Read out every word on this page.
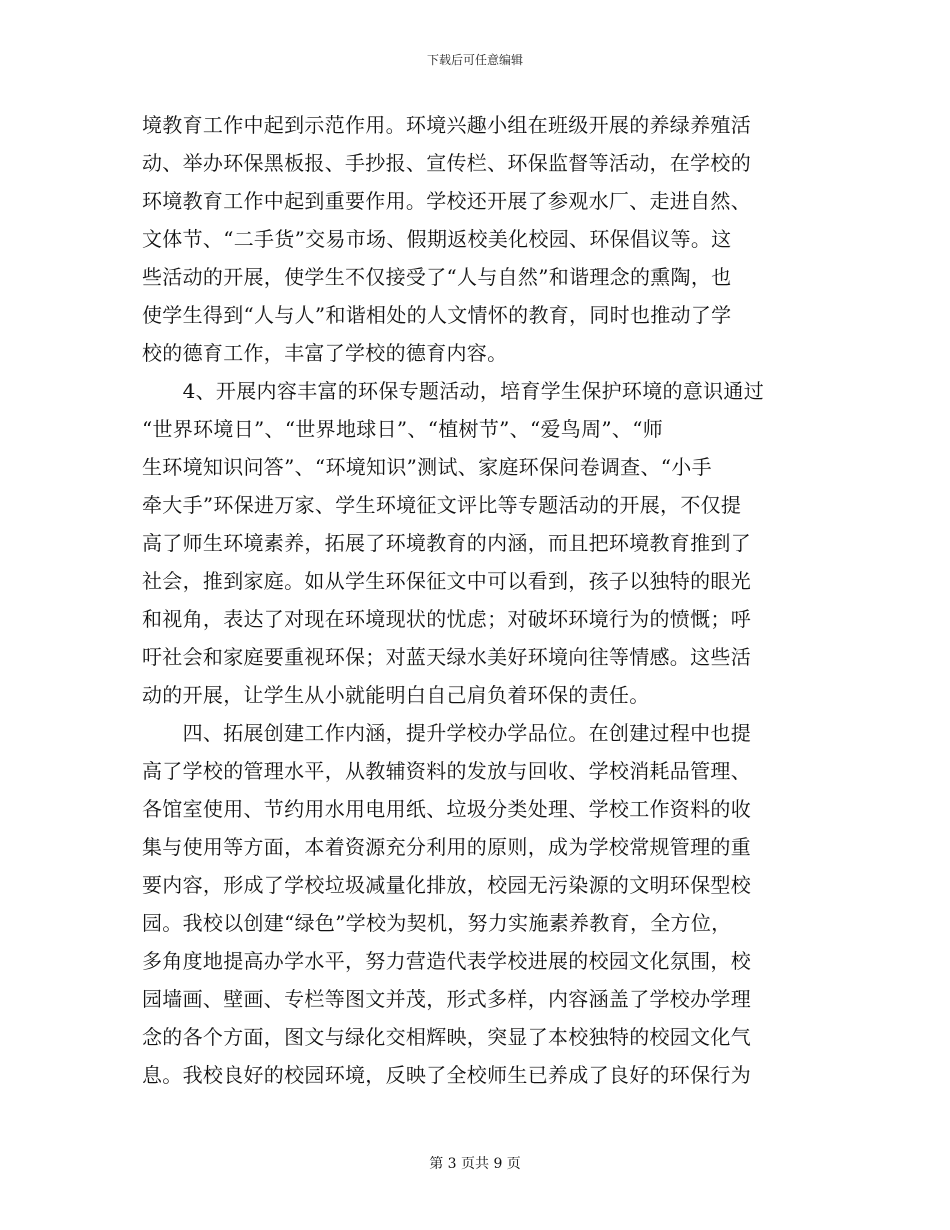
下载后可任意编辑
境教育工作中起到示范作用。环境兴趣小组在班级开展的养绿养殖活
动、举办环保黑板报、手抄报、宣传栏、环保监督等活动，在学校的
环境教育工作中起到重要作用。学校还开展了参观水厂、走进自然、
文体节、“二手货”交易市场、假期返校美化校园、环保倡议等。这
些活动的开展，使学生不仅接受了“人与自然”和谐理念的熏陶，也
使学生得到“人与人”和谐相处的人文情怀的教育，同时也推动了学
校的德育工作，丰富了学校的德育内容。
　　4、开展内容丰富的环保专题活动，培育学生保护环境的意识通过
“世界环境日”、“世界地球日”、“植树节”、“爱鸟周”、“师
生环境知识问答”、“环境知识”测试、家庭环保问卷调查、“小手
牵大手”环保进万家、学生环境征文评比等专题活动的开展，不仅提
高了师生环境素养，拓展了环境教育的内涵，而且把环境教育推到了
社会，推到家庭。如从学生环保征文中可以看到，孩子以独特的眼光
和视角，表达了对现在环境现状的忧虑；对破坏环境行为的愤慨；呼
吁社会和家庭要重视环保；对蓝天绿水美好环境向往等情感。这些活
动的开展，让学生从小就能明白自己肩负着环保的责任。
　　四、拓展创建工作内涵，提升学校办学品位。在创建过程中也提
高了学校的管理水平，从教辅资料的发放与回收、学校消耗品管理、
各馆室使用、节约用水用电用纸、垃圾分类处理、学校工作资料的收
集与使用等方面，本着资源充分利用的原则，成为学校常规管理的重
要内容，形成了学校垃圾减量化排放，校园无污染源的文明环保型校
园。我校以创建“绿色”学校为契机，努力实施素养教育，全方位，
多角度地提高办学水平，努力营造代表学校进展的校园文化氛围，校
园墙画、壁画、专栏等图文并茂，形式多样，内容涵盖了学校办学理
念的各个方面，图文与绿化交相辉映，突显了本校独特的校园文化气
息。我校良好的校园环境，反映了全校师生已养成了良好的环保行为
第 3 页共 9 页
